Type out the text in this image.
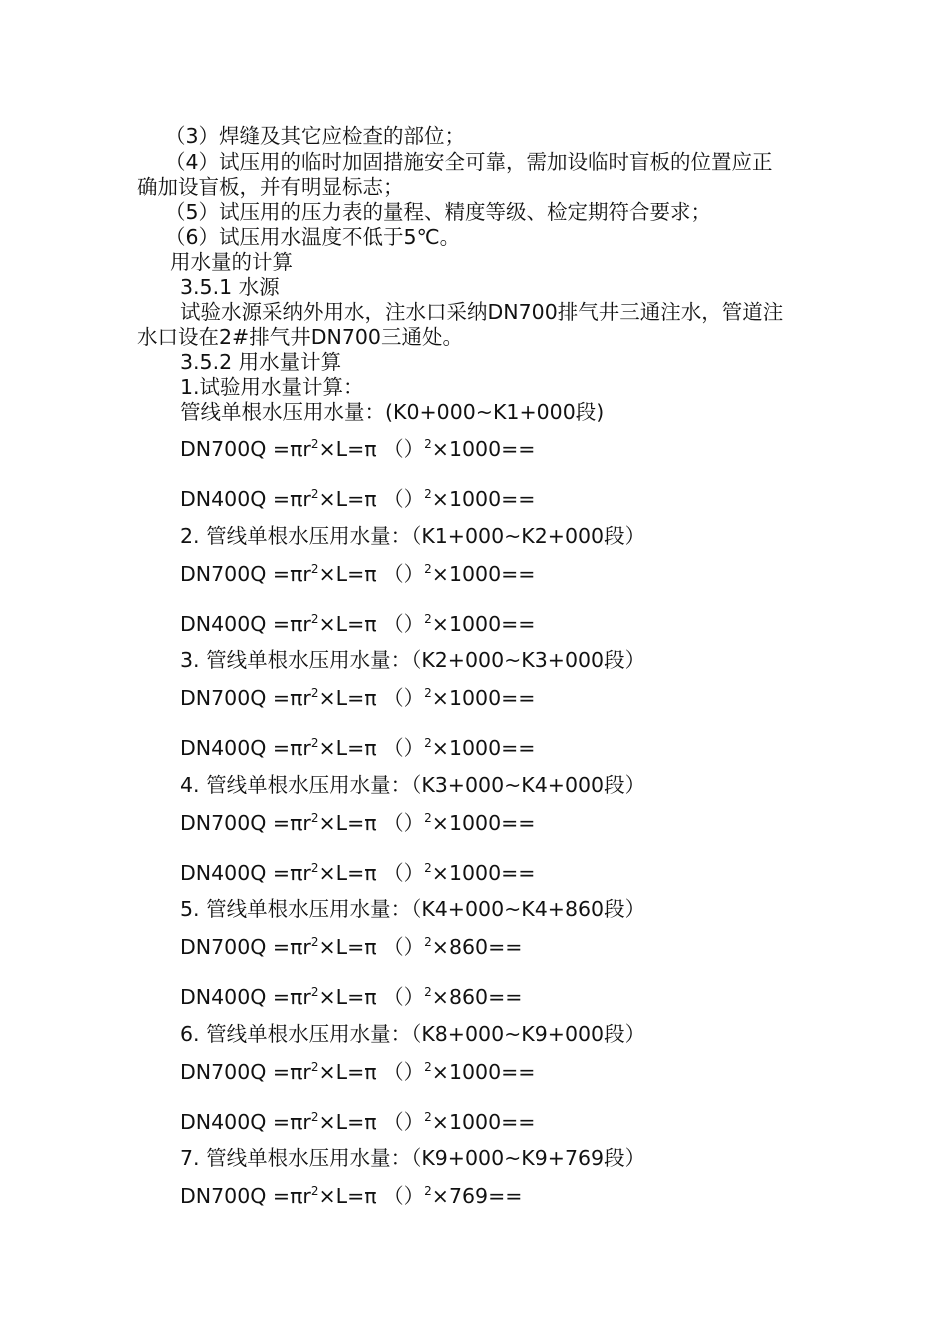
（3）焊缝及其它应检查的部位；
（4）试压用的临时加固措施安全可靠，需加设临时盲板的位置应正
确加设盲板，并有明显标志；
（5）试压用的压力表的量程、精度等级、检定期符合要求；
（6）试压用水温度不低于5℃。
用水量的计算
3.5.1 水源
试验水源采纳外用水，注水口采纳DN700排气井三通注水，管道注
水口设在2#排气井DN700三通处。
3.5.2 用水量计算
1.试验用水量计算：
管线单根水压用水量：(K0+000~K1+000段)
$DN700Q =\pi r^2\times L=\pi$ （）$^2$×1000==
$DN400Q =\pi r^2\times L=\pi$ （）$^2$×1000==
2. 管线单根水压用水量：（K1+000~K2+000段）
$DN700Q =\pi r^2\times L=\pi$ （）$^2$×1000==
$DN400Q =\pi r^2\times L=\pi$ （）$^2$×1000==
3. 管线单根水压用水量：（K2+000~K3+000段）
$DN700Q =\pi r^2\times L=\pi$ （）$^2$×1000==
$DN400Q =\pi r^2\times L=\pi$ （）$^2$×1000==
4. 管线单根水压用水量：（K3+000~K4+000段）
$DN700Q =\pi r^2\times L=\pi$ （）$^2$×1000==
$DN400Q =\pi r^2\times L=\pi$ （）$^2$×1000==
5. 管线单根水压用水量：（K4+000~K4+860段）
$DN700Q =\pi r^2\times L=\pi$ （）$^2$×860==
$DN400Q =\pi r^2\times L=\pi$ （）$^2$×860==
6. 管线单根水压用水量：（K8+000~K9+000段）
$DN700Q =\pi r^2\times L=\pi$ （）$^2$×1000==
$DN400Q =\pi r^2\times L=\pi$ （）$^2$×1000==
7. 管线单根水压用水量：（K9+000~K9+769段）
$DN700Q =\pi r^2\times L=\pi$ （）$^2$×769==
